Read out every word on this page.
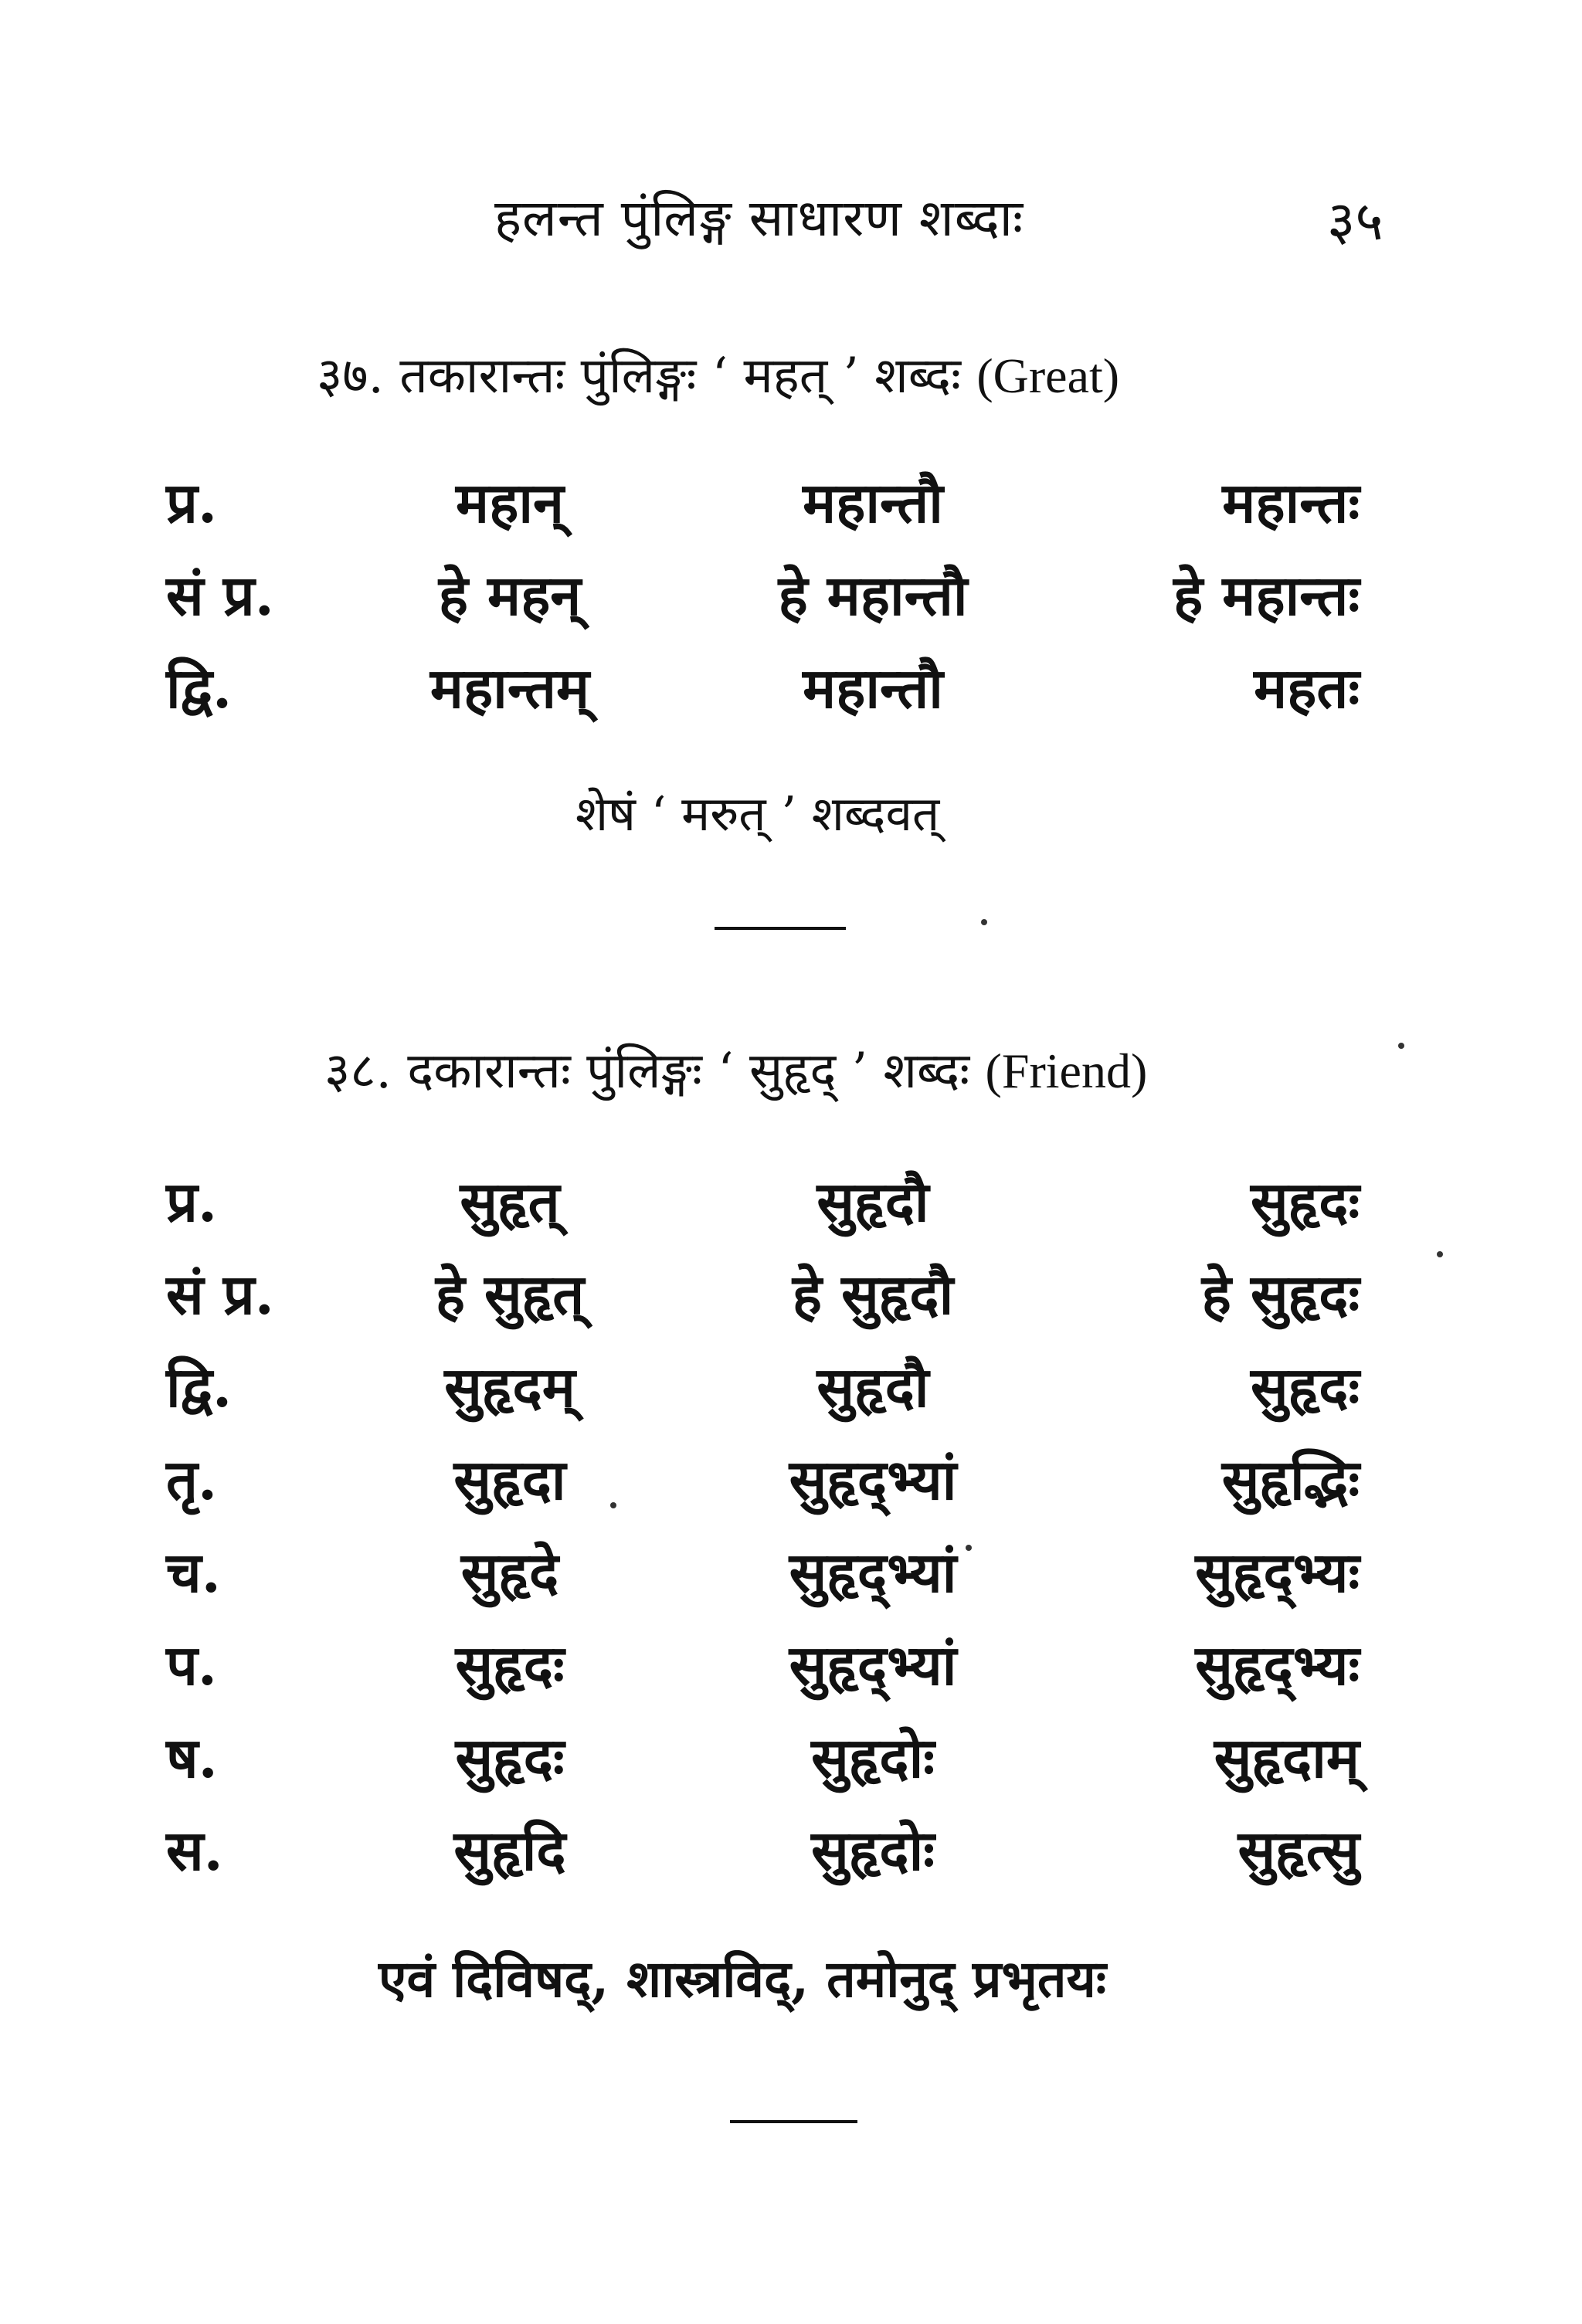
हलन्त पुंलिङ्ग साधारण शब्दाः	३५
३७. तकारान्तः पुंलिङ्गः ‘ महत् ’ शब्दः (Great)
प्र.	महान्	महान्तौ	महान्तः
सं प्र.	हे महन्	हे महान्तौ	हे महान्तः
द्वि.	महान्तम्	महान्तौ	महतः
शेषं ‘ मरुत् ’ शब्दवत्
३८. दकारान्तः पुंलिङ्गः ‘ सुहृद् ’ शब्दः (Friend)
प्र.	सुहृत्	सुहृदौ	सुहृदः
सं प्र.	हे सुहृत्	हे सुहृदौ	हे सुहृदः
द्वि.	सुहृदम्	सुहृदौ	सुहृदः
तृ.	सुहृदा	सुहृद्भ्यां	सुहृद्भिः
च.	सुहृदे	सुहृद्भ्यां	सुहृद्भ्यः
प.	सुहृदः	सुहृद्भ्यां	सुहृद्भ्यः
ष.	सुहृदः	सुहृदोः	सुहृदाम्
स.	सुहृदि	सुहृदोः	सुहृत्सु
एवं दिविषद्, शास्त्रविद्, तमोनुद् प्रभृतयः
